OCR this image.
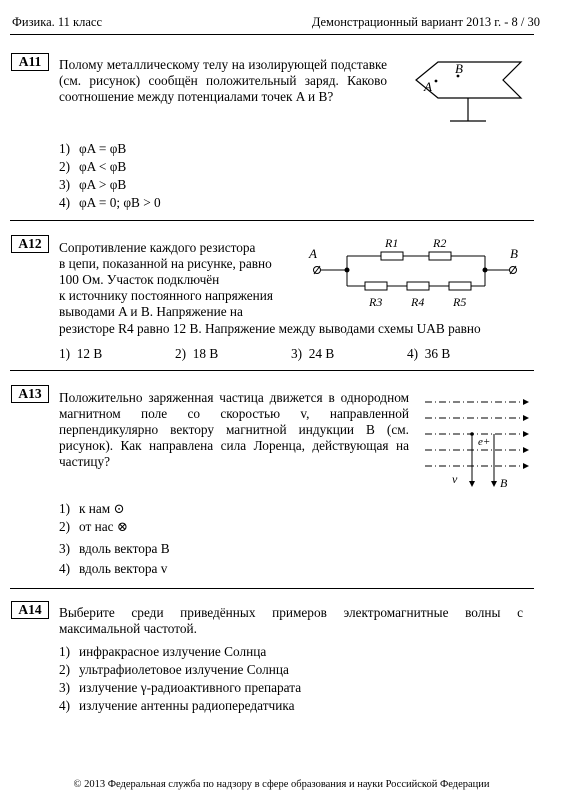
Физика. 11 класс	Демонстрационный вариант 2013 г. - 8 / 30
А11	Полому металлическому телу на изолирующей подставке (см. рисунок) сообщён положительный заряд. Каково соотношение между потенциалами точек A и B?
A
B
1) φA = φB
2) φA < φB
3) φA > φB
4) φA = 0; φB > 0
А12	Сопротивление каждого резистора
в цепи, показанной на рисунке, равно
100 Ом. Участок подключён
к источнику постоянного напряжения
выводами A и B. Напряжение на
резисторе R4 равно 12 В. Напряжение между выводами схемы UAB равно
A	B
R1	R2
R3 R4 R5
1) 12 В	2) 18 В	3) 24 В	4) 36 В
А13	Положительно заряженная частица движется в однородном магнитном поле со скоростью v, направленной перпендикулярно вектору магнитной индукции B (см. рисунок). Как направлена сила Лоренца, действующая на частицу?
e+
v	B
1) к нам ⊙
2) от нас ⊗
3) вдоль вектора B
4) вдоль вектора v
А14	Выберите среди приведённых примеров электромагнитные волны с максимальной частотой.
1) инфракрасное излучение Солнца
2) ультрафиолетовое излучение Солнца
3) излучение γ-радиоактивного препарата
4) излучение антенны радиопередатчика
© 2013 Федеральная служба по надзору в сфере образования и науки Российской Федерации
